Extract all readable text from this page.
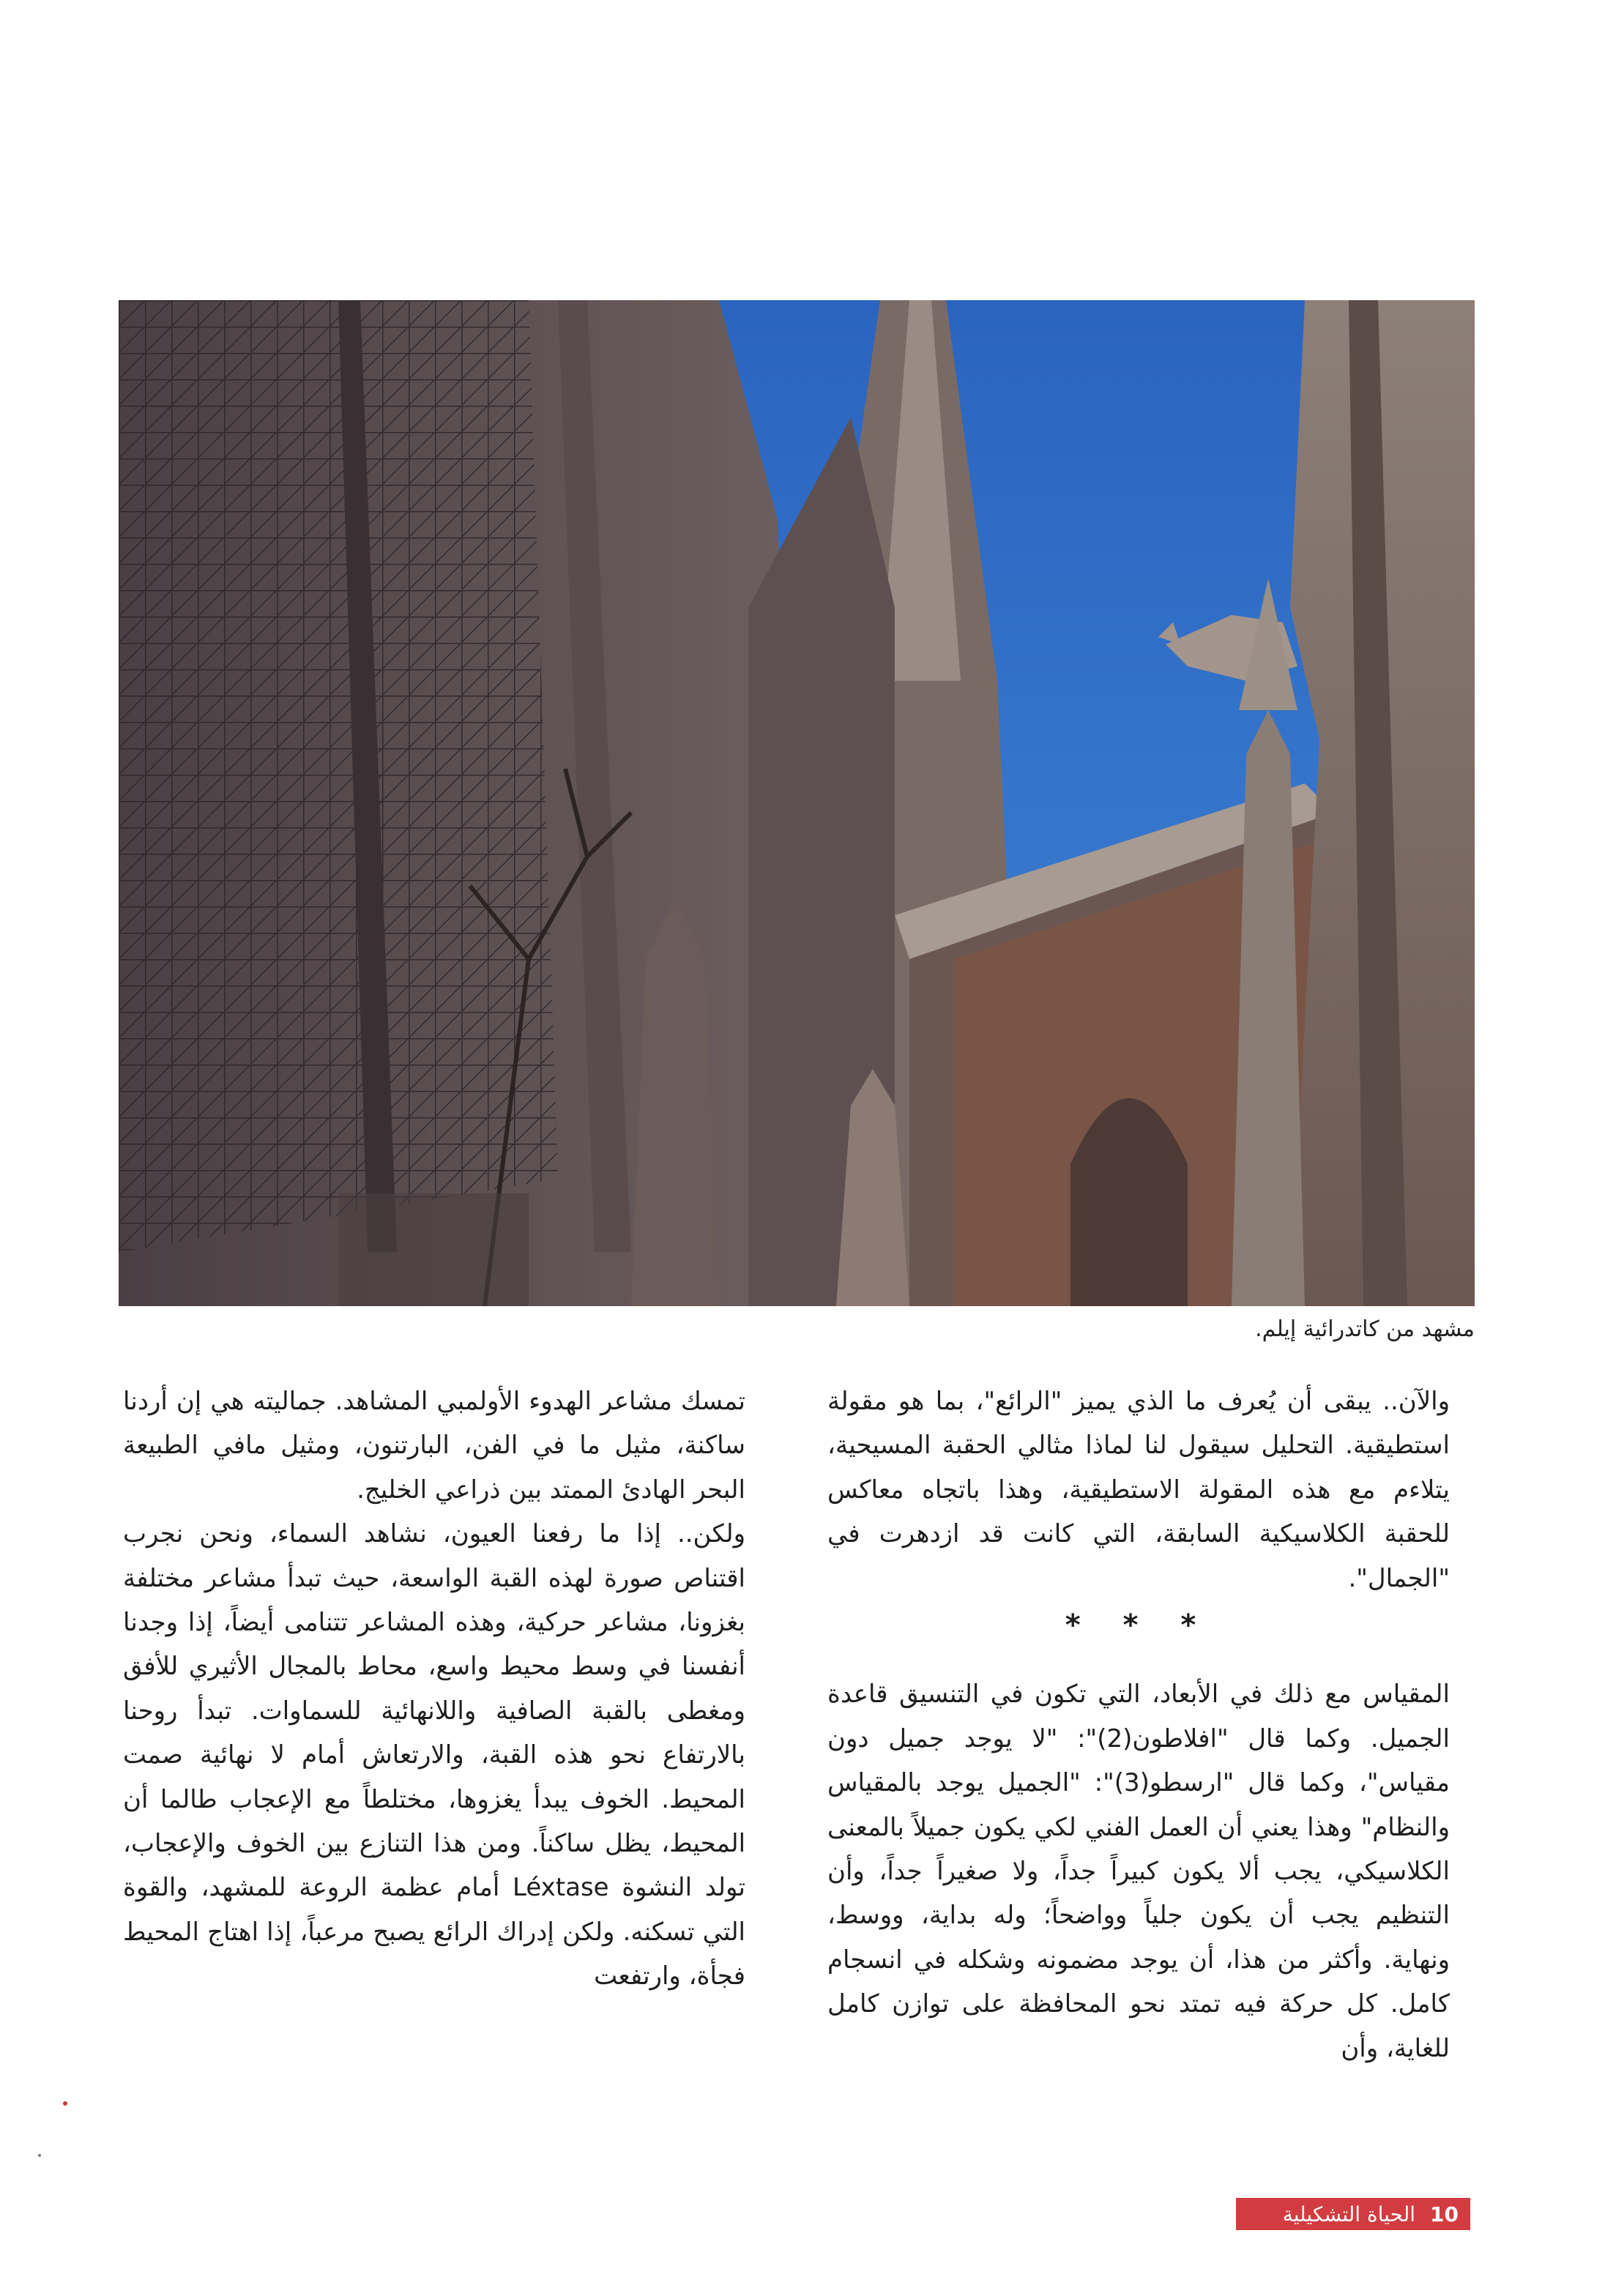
مشهد من كاتدرائية إيلم.

والآن.. يبقى أن يُعرف ما الذي يميز "الرائع"، بما هو مقولة استطيقية. التحليل سيقول لنا لماذا مثالي الحقبة المسيحية، يتلاءم مع هذه المقولة الاستطيقية، وهذا باتجاه معاكس للحقبة الكلاسيكية السابقة، التي كانت قد ازدهرت في "الجمال".

* * *

المقياس مع ذلك في الأبعاد، التي تكون في التنسيق قاعدة الجميل. وكما قال "افلاطون(2)": "لا يوجد جميل دون مقياس"، وكما قال "ارسطو(3)": "الجميل يوجد بالمقياس والنظام" وهذا يعني أن العمل الفني لكي يكون جميلاً بالمعنى الكلاسيكي، يجب ألا يكون كبيراً جداً، ولا صغيراً جداً، وأن التنظيم يجب أن يكون جلياً وواضحاً؛ وله بداية، ووسط، ونهاية. وأكثر من هذا، أن يوجد مضمونه وشكله في انسجام كامل. كل حركة فيه تمتد نحو المحافظة على توازن كامل للغاية، وأن

تمسك مشاعر الهدوء الأولمبي المشاهد. جماليته هي إن أردنا ساكنة، مثيل ما في الفن، البارتنون، ومثيل مافي الطبيعة البحر الهادئ الممتد بين ذراعي الخليج.

ولكن.. إذا ما رفعنا العيون، نشاهد السماء، ونحن نجرب اقتناص صورة لهذه القبة الواسعة، حيث تبدأ مشاعر مختلفة بغزونا، مشاعر حركية، وهذه المشاعر تتنامى أيضاً، إذا وجدنا أنفسنا في وسط محيط واسع، محاط بالمجال الأثيري للأفق ومغطى بالقبة الصافية واللانهائية للسماوات. تبدأ روحنا بالارتفاع نحو هذه القبة، والارتعاش أمام لا نهائية صمت المحيط. الخوف يبدأ يغزوها، مختلطاً مع الإعجاب طالما أن المحيط، يظل ساكناً. ومن هذا التنازع بين الخوف والإعجاب، تولد النشوة Léxtase أمام عظمة الروعة للمشهد، والقوة التي تسكنه. ولكن إدراك الرائع يصبح مرعباً، إذا اهتاج المحيط فجأة، وارتفعت

10
الحياة التشكيلية
